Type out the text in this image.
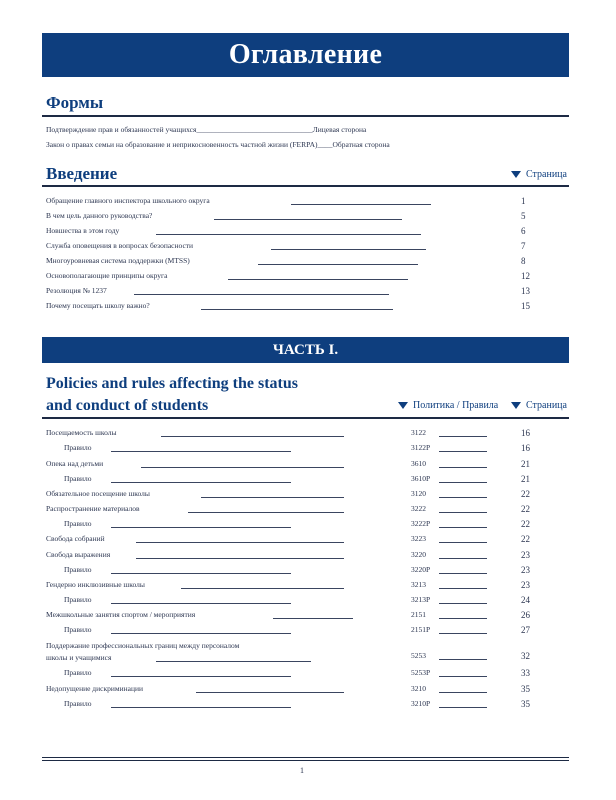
Оглавление
Формы
Подтверждение прав и обязанностей учащихся_______________________________Лицевая сторона
Закон о правах семьи на образование и неприкосновенность частной жизни (FERPA)____Обратная сторона
Введение	Страница
Обращение главного инспектора школьного округа	1
В чем цель данного руководства?	5
Новшества в этом году	6
Служба оповещения в вопросах безопасности	7
Многоуровневая система поддержки (MTSS)	8
Основополагающие принципы округа	12
Резолюция № 1237	13
Почему посещать школу важно?	15
ЧАСТЬ I.
Policies and rules affecting the status
and conduct of students	Политика / Правила	Страница
Посещаемость школы	3122	16
Правило	3122P	16
Опека над детьми	3610	21
Правило	3610P	21
Обязательное посещение школы	3120	22
Распространение материалов	3222	22
Правило	3222P	22
Свобода собраний	3223	22
Свобода выражения	3220	23
Правило	3220P	23
Гендерно инклюзивные школы	3213	23
Правило	3213P	24
Межшкольные занятия спортом / мероприятия	2151	26
Правило	2151P	27
Поддержание профессиональных границ между персоналом
школы и учащимися	5253	32
Правило	5253P	33
Недопущение дискриминации	3210	35
Правило	3210P	35
1
